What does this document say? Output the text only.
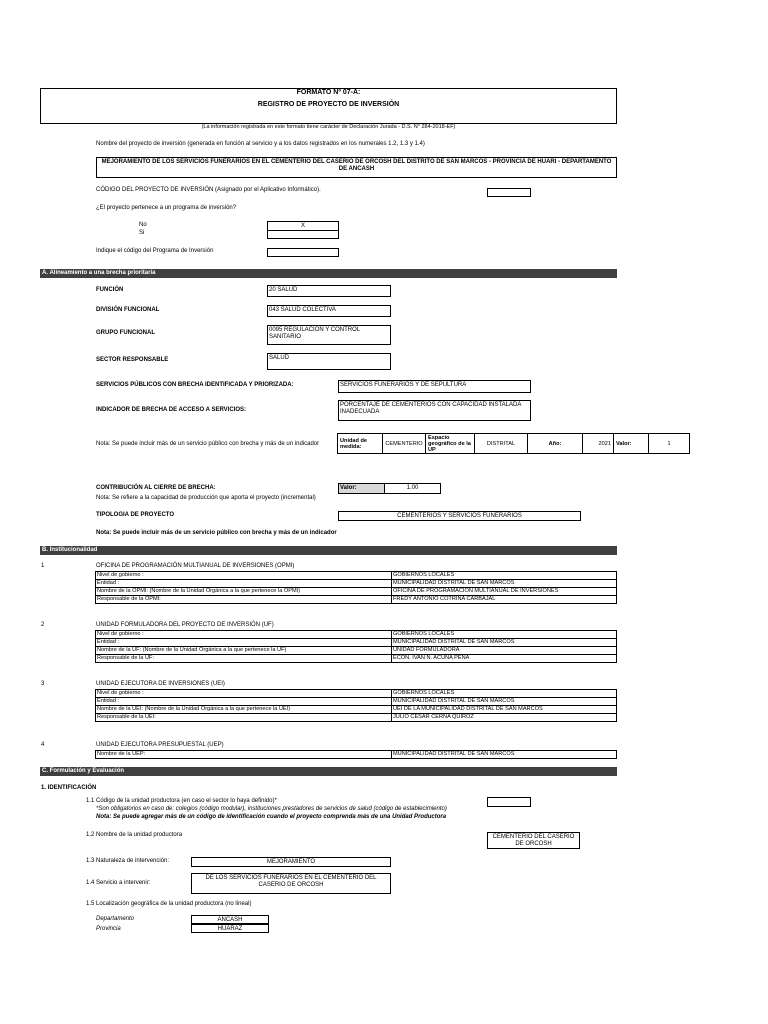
FORMATO Nº 07-A:
REGISTRO DE PROYECTO DE INVERSIÓN
(La información registrada en este formato tiene carácter de Declaración Jurada - D.S. N° 284-2018-EF)
Nombre del proyecto de inversión (generada en función al servicio y a los datos registrados en los numerales 1.2, 1.3 y 1.4)
MEJORAMIENTO DE LOS SERVICIOS FUNERARIOS EN EL CEMENTERIO DEL CASERIO DE ORCOSH DEL DISTRITO DE SAN MARCOS - PROVINCIA DE HUARI - DEPARTAMENTO DE ANCASH
CÓDIGO DEL PROYECTO DE INVERSIÓN (Asignado por el Aplicativo Informático).
¿El proyecto pertenece a un programa de inversión?
No	X
Si
Indique el código del Programa de Inversión
A. Alineamiento a una brecha prioritaria
FUNCIÓN	20 SALUD
DIVISIÓN FUNCIONAL	043 SALUD COLECTIVA
GRUPO FUNCIONAL	0095 REGULACIÓN Y CONTROL SANITARIO
SECTOR RESPONSABLE	SALUD
SERVICIOS PÚBLICOS CON BRECHA IDENTIFICADA Y PRIORIZADA:	SERVICIOS FUNERARIOS Y DE SEPULTURA
INDICADOR DE BRECHA DE ACCESO A SERVICIOS:
PORCENTAJE DE CEMENTERIOS CON CAPACIDAD INSTALADA INADECUADA
Nota: Se puede incluir más de un servicio público con brecha y más de un indicador
Unidad de medida:	CEMENTERIO	Espacio geográfico de la UP	DISTRITAL	Año:	2021	Valor:	1
CONTRIBUCIÓN AL CIERRE DE BRECHA:	Valor:	1.00
Nota: Se refiere a la capacidad de producción que aporta el proyecto (incremental)
TIPOLOGIA DE PROYECTO	CEMENTERIOS Y SERVICIOS FUNERARIOS
Nota: Se puede incluir más de un servicio público con brecha y más de un indicador
B. Institucionalidad
1	OFICINA DE PROGRAMACIÓN MULTIANUAL DE INVERSIONES (OPMI)
Nivel de gobierno :	GOBIERNOS LOCALES
Entidad :	MUNICIPALIDAD DISTRITAL DE SAN MARCOS
Nombre de la OPMI: (Nombre de la Unidad Orgánica a la que pertenece la OPMI)	OFICINA DE PROGRAMACION MULTIANUAL DE INVERSIONES
Responsable de la OPMI:	FREDY ANTONIO COTRINA CARBAJAL
2	UNIDAD FORMULADORA DEL PROYECTO DE INVERSIÓN (UF)
Nivel de gobierno :	GOBIERNOS LOCALES
Entidad :	MUNICIPALIDAD DISTRITAL DE SAN MARCOS
Nombre de la UF: (Nombre de la Unidad Orgánica a la que pertenece la UF)	UNIDAD FORMULADORA
Responsable de la UF:	ECON. IVAN N. ACUÑA PEÑA
3	UNIDAD EJECUTORA DE INVERSIONES (UEI)
Nivel de gobierno :	GOBIERNOS LOCALES
Entidad :	MUNICIPALIDAD DISTRITAL DE SAN MARCOS
Nombre de la UEI: (Nombre de la Unidad Orgánica a la que pertenece la UEI)	UEI DE LA MUNICIPALIDAD DISTRITAL DE SAN MARCOS
Responsable de la UEI:	JULIO CESAR CERNA QUIROZ
4	UNIDAD EJECUTORA PRESUPUESTAL (UEP)
Nombre de la UEP:	MUNICIPALIDAD DISTRITAL DE SAN MARCOS
C. Formulación y Evaluación
1. IDENTIFICACIÓN
1.1 Código de la unidad productora (en caso el sector lo haya definido)*
*Son obligatorios en caso de: colegios (código modular), instituciones prestadores de servicios de salud (código de establecimiento)
Nota: Se puede agregar más de un código de identificación cuando el proyecto comprenda más de una Unidad Productora
1.2 Nombre de la unidad productora	CEMENTERIO DEL CASERIO DE ORCOSH
1.3 Naturaleza de intervención:	MEJORAMIENTO
1.4 Servicio a intervenir:
DE LOS SERVICIOS FUNERARIOS EN EL CEMENTERIO DEL CASERIO DE ORCOSH
1.5 Localización geográfica de la unidad productora (no lineal)
Departamento	ANCASH
Provincia	HUARAZ
